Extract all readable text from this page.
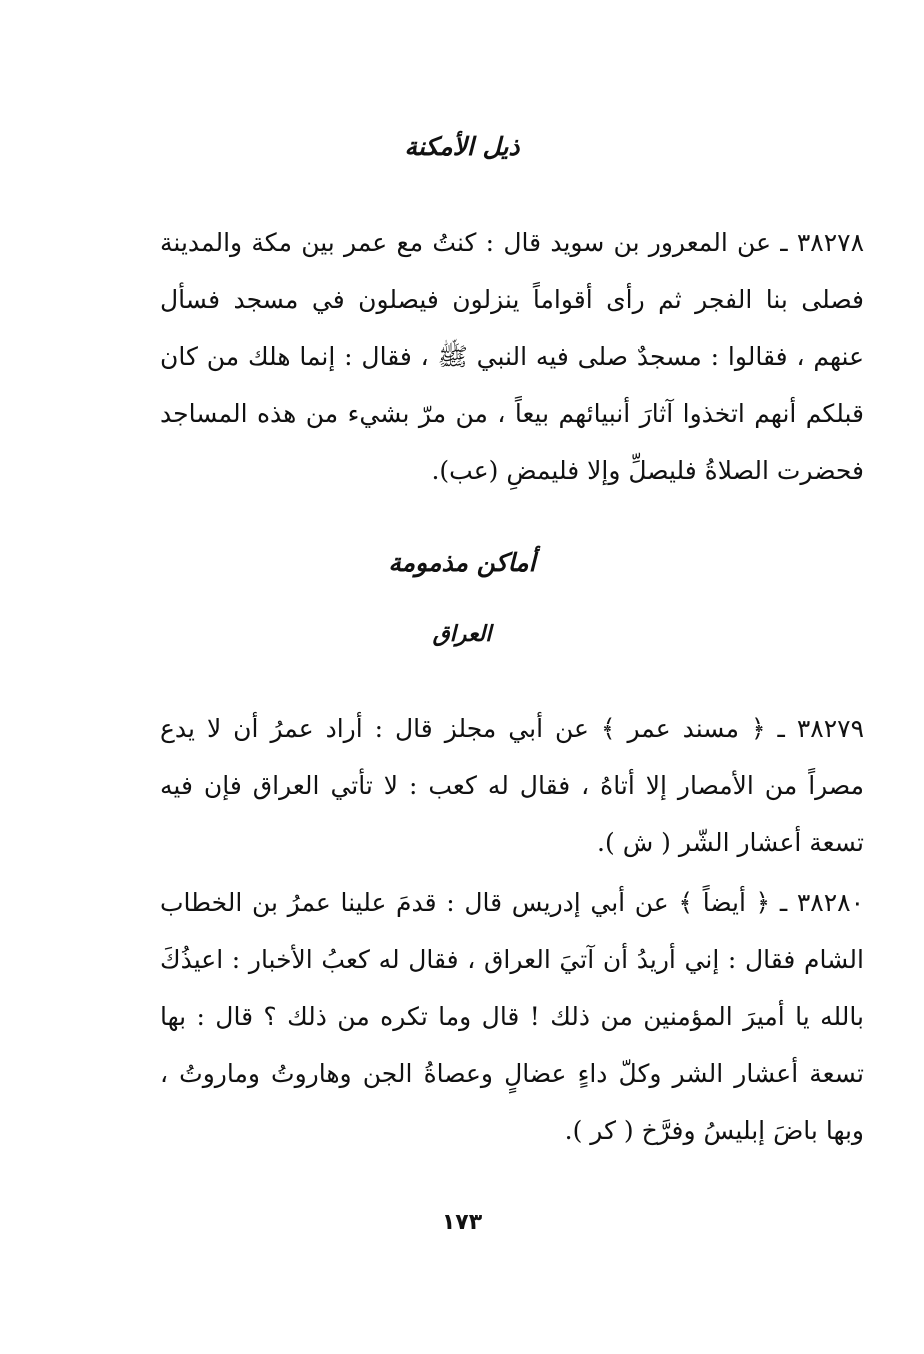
ذيل الأمكنة

٣٨٢٧٨ ـ عن المعرور بن سويد قال : كنتُ مع عمر بين مكة والمدينة فصلى بنا الفجر ثم رأى أقواماً ينزلون فيصلون في مسجد فسأل عنهم ، فقالوا : مسجدٌ صلى فيه النبي ﷺ ، فقال : إنما هلك من كان قبلكم أنهم اتخذوا آثارَ أنبيائهم بيعاً ، من مرّ بشيء من هذه المساجد فحضرت الصلاةُ فليصلِّ وإلا فليمضِ (عب).

أماكن مذمومة
العراق

٣٨٢٧٩ ـ ﴿ مسند عمر ﴾ عن أبي مجلز قال : أراد عمرُ أن لا يدع مصراً من الأمصار إلا أتاهُ ، فقال له كعب : لا تأتي العراق فإن فيه تسعة أعشار الشّر ( ش ).

٣٨٢٨٠ ـ ﴿ أيضاً ﴾ عن أبي إدريس قال : قدمَ علينا عمرُ بن الخطاب الشام فقال : إني أريدُ أن آتيَ العراق ، فقال له كعبُ الأخبار : اعيذُكَ بالله يا أميرَ المؤمنين من ذلك ! قال وما تكره من ذلك ؟ قال : بها تسعة أعشار الشر وكلّ داءٍ عضالٍ وعصاةُ الجن وهاروتُ وماروتُ ، وبها باضَ إبليسُ وفرَّخ ( كر ).

١٧٣
